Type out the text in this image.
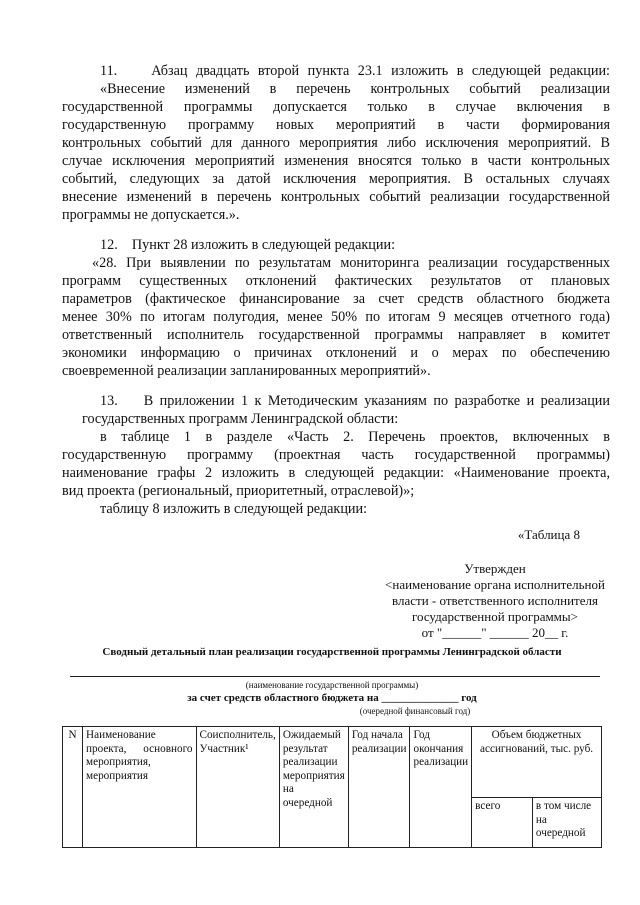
11.    Абзац двадцать второй пункта 23.1 изложить в следующей редакции:
«Внесение изменений в перечень контрольных событий реализации
государственной программы допускается только в случае включения в
государственную программу новых мероприятий в части формирования
контрольных событий для данного мероприятия либо исключения мероприятий. В
случае исключения мероприятий изменения вносятся только в части контрольных
событий, следующих за датой исключения мероприятия. В остальных случаях
внесение изменений в перечень контрольных событий реализации государственной
программы не допускается.».
12.    Пункт 28 изложить в следующей редакции:
«28. При выявлении по результатам мониторинга реализации государственных
программ существенных отклонений фактических результатов от плановых
параметров (фактическое финансирование за счет средств областного бюджета
менее 30% по итогам полугодия, менее 50% по итогам 9 месяцев отчетного года)
ответственный исполнитель государственной программы направляет в комитет
экономики информацию о причинах отклонений и о мерах по обеспечению
своевременной реализации запланированных мероприятий».
13.    В приложении 1 к Методическим указаниям по разработке и реализации
государственных программ Ленинградской области:
в таблице 1 в разделе «Часть 2. Перечень проектов, включенных в
государственную программу (проектная часть государственной программы)
наименование графы 2 изложить в следующей редакции: «Наименование проекта,
вид проекта (региональный, приоритетный, отраслевой)»;
таблицу 8 изложить в следующей редакции:
«Таблица 8
Утвержден
<наименование органа исполнительной
власти - ответственного исполнителя
государственной программы>
от "______" ______ 20__ г.
Сводный детальный план реализации государственной программы Ленинградской области
(наименование государственной программы)
за счет средств областного бюджета на ______________ год
(очередной финансовый год)
N	Наименование проекта, основного мероприятия, мероприятия	Соисполнитель, Участник¹	Ожидаемый результат реализации мероприятия на очередной	Год начала реализации	Год окончания реализации	Объем бюджетных ассигнований, тыс. руб.	
						всего	в том числе на очередной
